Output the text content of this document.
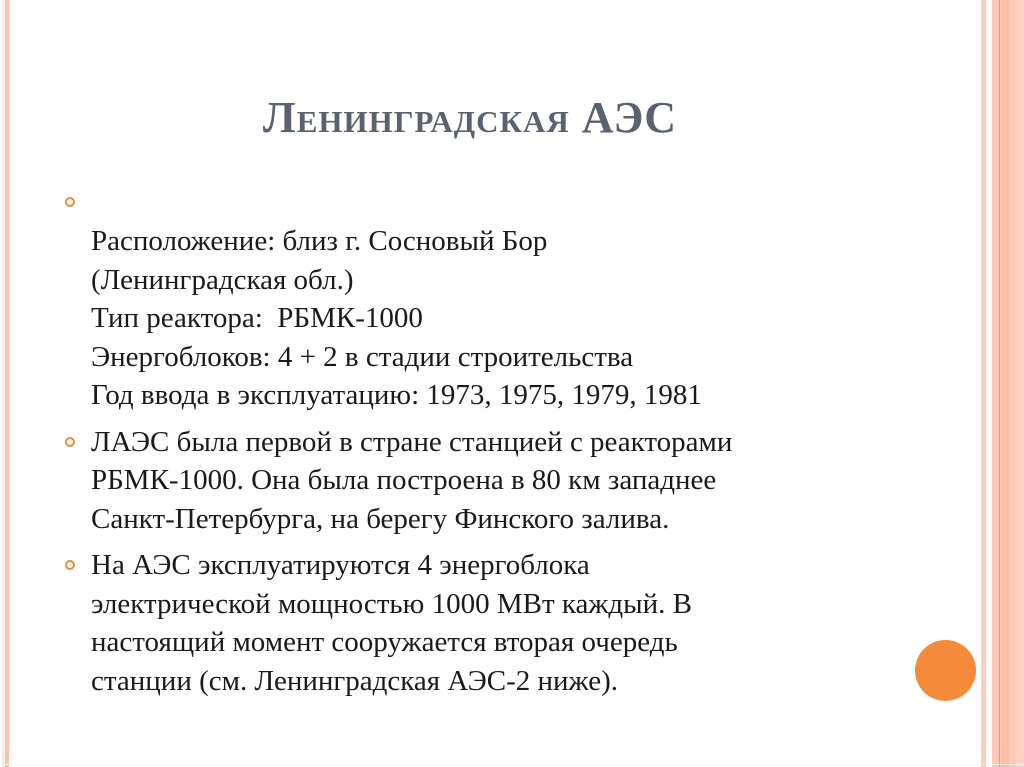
Ленинградская АЭС
Расположение: близ г. Сосновый Бор
(Ленинградская обл.)
Тип реактора:  РБМК-1000
Энергоблоков: 4 + 2 в стадии строительства
Год ввода в эксплуатацию: 1973, 1975, 1979, 1981
ЛАЭС была первой в стране станцией с реакторами
РБМК-1000. Она была построена в 80 км западнее
Санкт-Петербурга, на берегу Финского залива.
На АЭС эксплуатируются 4 энергоблока
электрической мощностью 1000 МВт каждый. В
настоящий момент сооружается вторая очередь
станции (см. Ленинградская АЭС-2 ниже).
